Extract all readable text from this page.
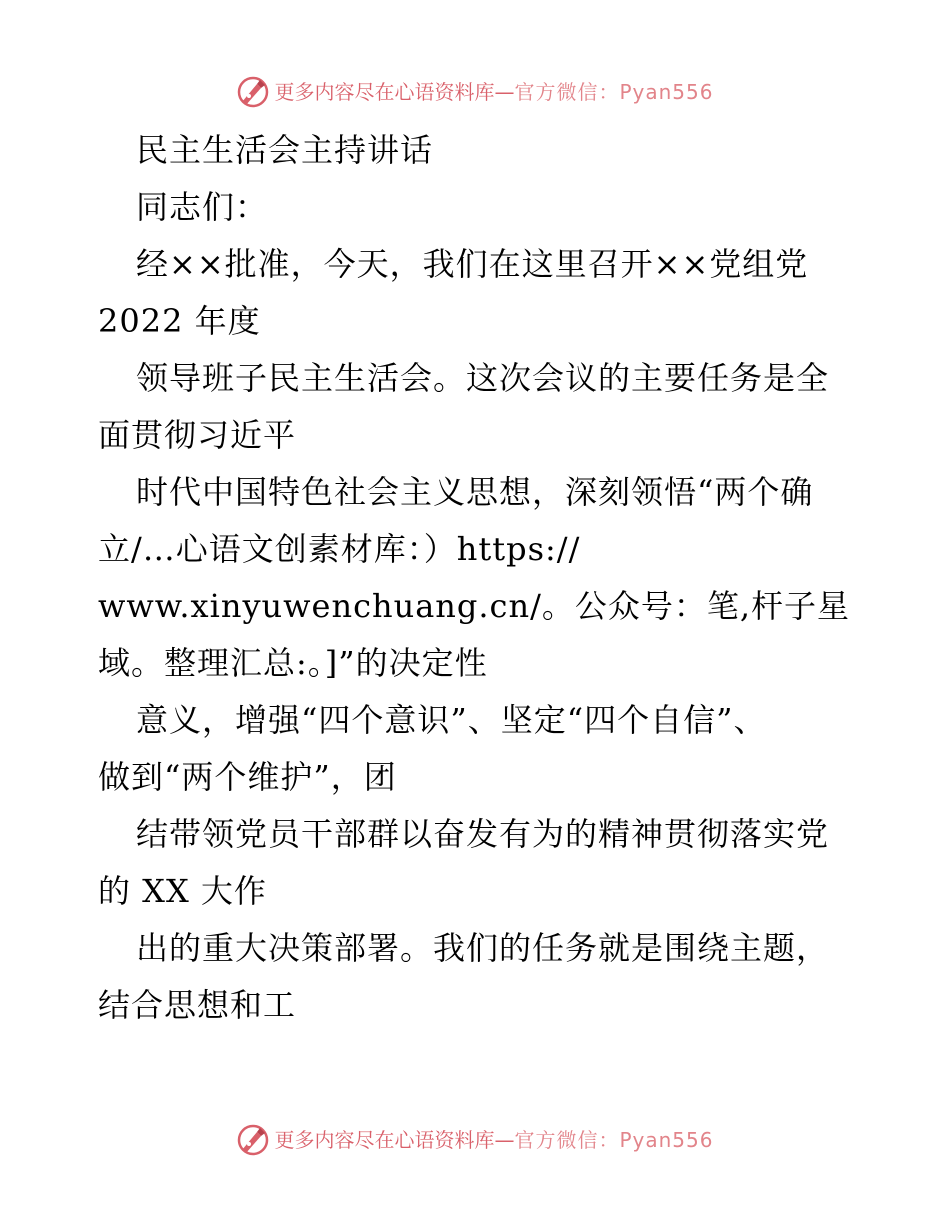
更多内容尽在心语资料库— 官方微信：Pyan556
民主生活会主持讲话
同志们：
经××批准，今天，我们在这里召开××党组党
2022 年度
领导班子民主生活会。这次会议的主要任务是全
面贯彻习近平
时代中国特色社会主义思想，深刻领悟“两个确
立/…心语文创素材库：）https://
www.xinyuwenchuang.cn/。公众号：笔,杆子星
域。整理汇总:。]”的决定性
意义，增强“四个意识”、坚定“四个自信”、
做到“两个维护”，团
结带领党员干部群以奋发有为的精神贯彻落实党
的 XX 大作
出的重大决策部署。我们的任务就是围绕主题，
结合思想和工
更多内容尽在心语资料库— 官方微信：Pyan556
